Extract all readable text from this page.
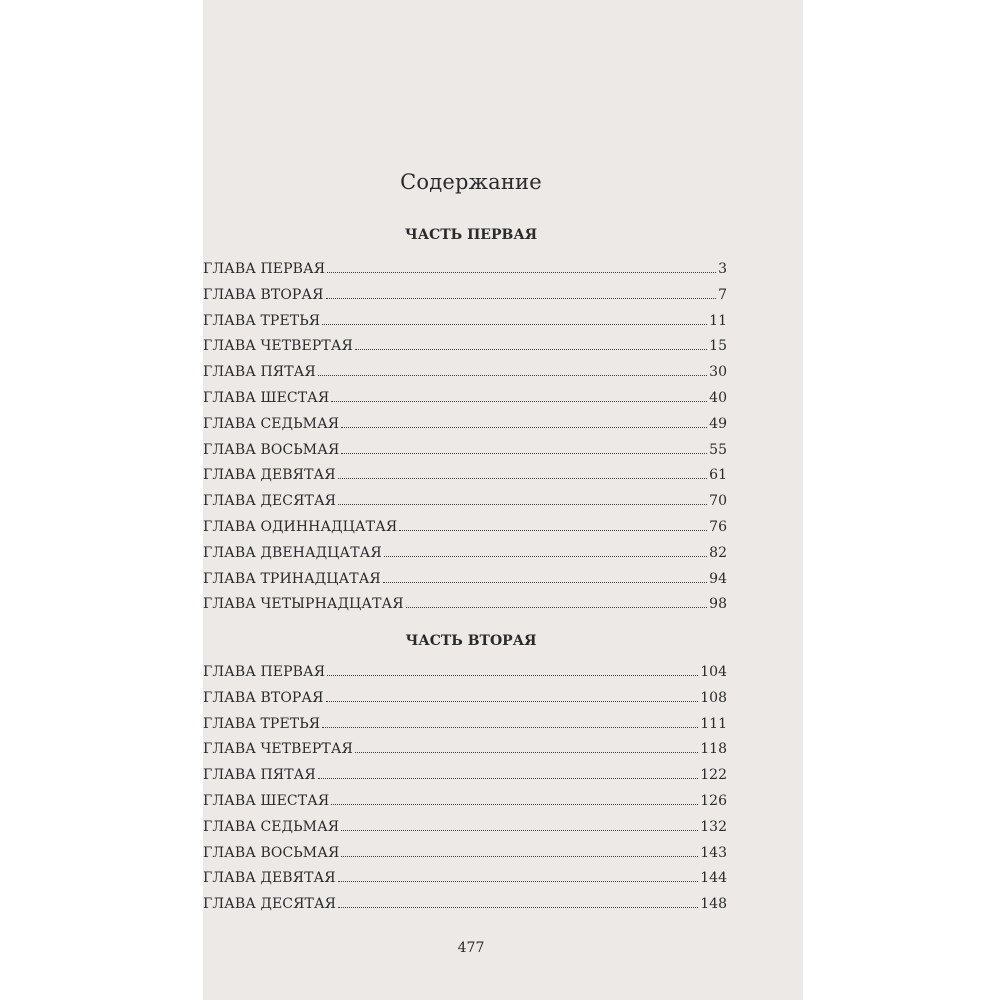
Содержание
ЧАСТЬ ПЕРВАЯ
ГЛАВА ПЕРВАЯ	3
ГЛАВА ВТОРАЯ	7
ГЛАВА ТРЕТЬЯ	11
ГЛАВА ЧЕТВЕРТАЯ	15
ГЛАВА ПЯТАЯ	30
ГЛАВА ШЕСТАЯ	40
ГЛАВА СЕДЬМАЯ	49
ГЛАВА ВОСЬМАЯ	55
ГЛАВА ДЕВЯТАЯ	61
ГЛАВА ДЕСЯТАЯ	70
ГЛАВА ОДИННАДЦАТАЯ	76
ГЛАВА ДВЕНАДЦАТАЯ	82
ГЛАВА ТРИНАДЦАТАЯ	94
ГЛАВА ЧЕТЫРНАДЦАТАЯ	98
ЧАСТЬ ВТОРАЯ
ГЛАВА ПЕРВАЯ	104
ГЛАВА ВТОРАЯ	108
ГЛАВА ТРЕТЬЯ	111
ГЛАВА ЧЕТВЕРТАЯ	118
ГЛАВА ПЯТАЯ	122
ГЛАВА ШЕСТАЯ	126
ГЛАВА СЕДЬМАЯ	132
ГЛАВА ВОСЬМАЯ	143
ГЛАВА ДЕВЯТАЯ	144
ГЛАВА ДЕСЯТАЯ	148
477
